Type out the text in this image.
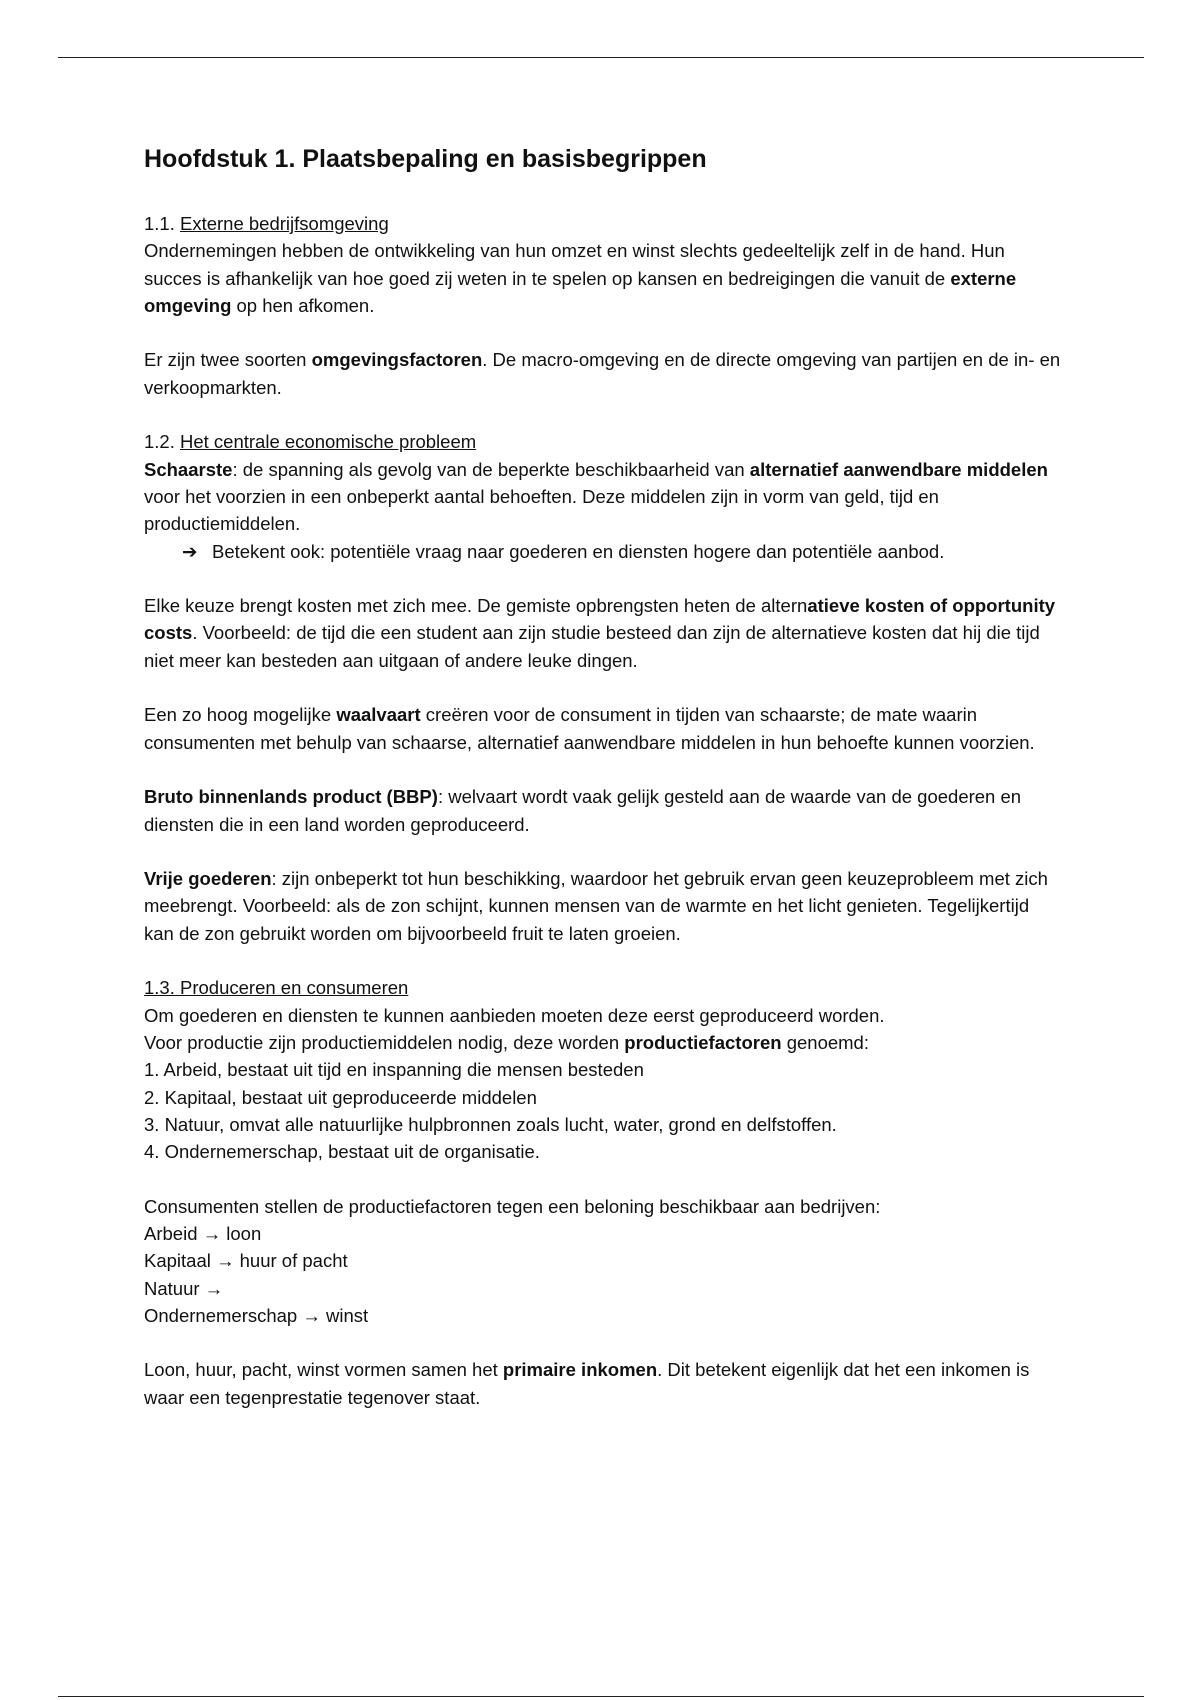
Hoofdstuk 1. Plaatsbepaling en basisbegrippen

1.1. Externe bedrijfsomgeving

Ondernemingen hebben de ontwikkeling van hun omzet en winst slechts gedeeltelijk zelf in de hand. Hun succes is afhankelijk van hoe goed zij weten in te spelen op kansen en bedreigingen die vanuit de externe omgeving op hen afkomen.

Er zijn twee soorten omgevingsfactoren. De macro-omgeving en de directe omgeving van partijen en de in- en verkoopmarkten.

1.2. Het centrale economische probleem

Schaarste: de spanning als gevolg van de beperkte beschikbaarheid van alternatief aanwendbare middelen voor het voorzien in een onbeperkt aantal behoeften. Deze middelen zijn in vorm van geld, tijd en productiemiddelen.

➔ Betekent ook: potentiële vraag naar goederen en diensten hogere dan potentiële aanbod.

Elke keuze brengt kosten met zich mee. De gemiste opbrengsten heten de alternatieve kosten of opportunity costs. Voorbeeld: de tijd die een student aan zijn studie besteed dan zijn de alternatieve kosten dat hij die tijd niet meer kan besteden aan uitgaan of andere leuke dingen.

Een zo hoog mogelijke waalvaart creëren voor de consument in tijden van schaarste; de mate waarin consumenten met behulp van schaarse, alternatief aanwendbare middelen in hun behoefte kunnen voorzien.

Bruto binnenlands product (BBP): welvaart wordt vaak gelijk gesteld aan de waarde van de goederen en diensten die in een land worden geproduceerd.

Vrije goederen: zijn onbeperkt tot hun beschikking, waardoor het gebruik ervan geen keuzeprobleem met zich meebrengt. Voorbeeld: als de zon schijnt, kunnen mensen van de warmte en het licht genieten. Tegelijkertijd kan de zon gebruikt worden om bijvoorbeeld fruit te laten groeien.

1.3. Produceren en consumeren

Om goederen en diensten te kunnen aanbieden moeten deze eerst geproduceerd worden.

Voor productie zijn productiemiddelen nodig, deze worden productiefactoren genoemd:

1. Arbeid, bestaat uit tijd en inspanning die mensen besteden

2. Kapitaal, bestaat uit geproduceerde middelen

3. Natuur, omvat alle natuurlijke hulpbronnen zoals lucht, water, grond en delfstoffen.

4. Ondernemerschap, bestaat uit de organisatie.

Consumenten stellen de productiefactoren tegen een beloning beschikbaar aan bedrijven:

Arbeid → loon

Kapitaal → huur of pacht

Natuur →

Ondernemerschap → winst

Loon, huur, pacht, winst vormen samen het primaire inkomen. Dit betekent eigenlijk dat het een inkomen is waar een tegenprestatie tegenover staat.
